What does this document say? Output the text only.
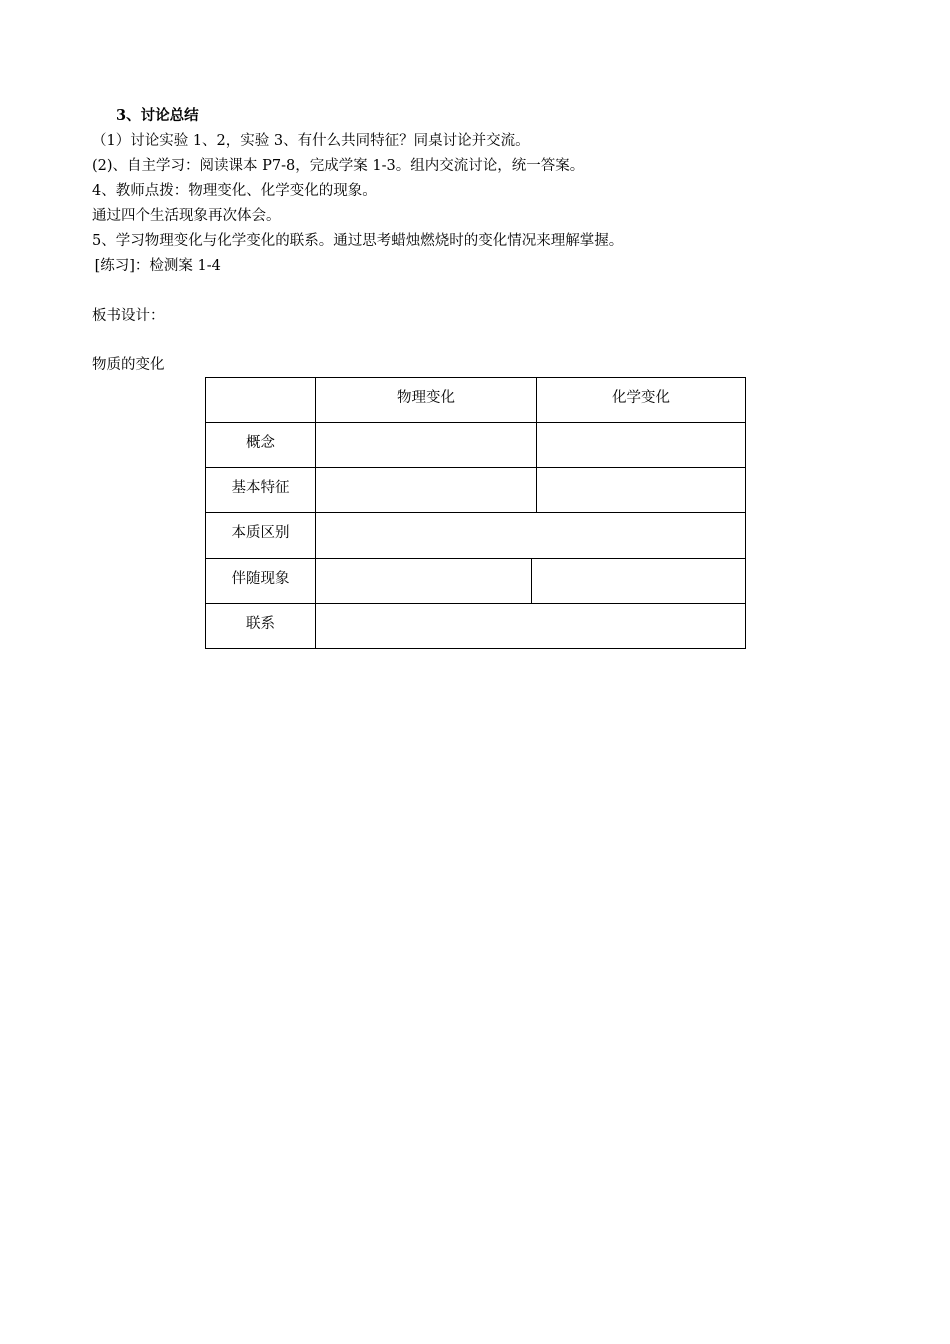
3、讨论总结
（1）讨论实验 1、2，实验 3、有什么共同特征？同桌讨论并交流。
(2)、自主学习：阅读课本 P7-8，完成学案 1-3。组内交流讨论，统一答案。
4、教师点拨：物理变化、化学变化的现象。
通过四个生活现象再次体会。
5、学习物理变化与化学变化的联系。通过思考蜡烛燃烧时的变化情况来理解掌握。
[练习]：检测案 1-4
板书设计：
物质的变化
	物理变化	化学变化
概念		
基本特征		
本质区别		
伴随现象		

联系		
